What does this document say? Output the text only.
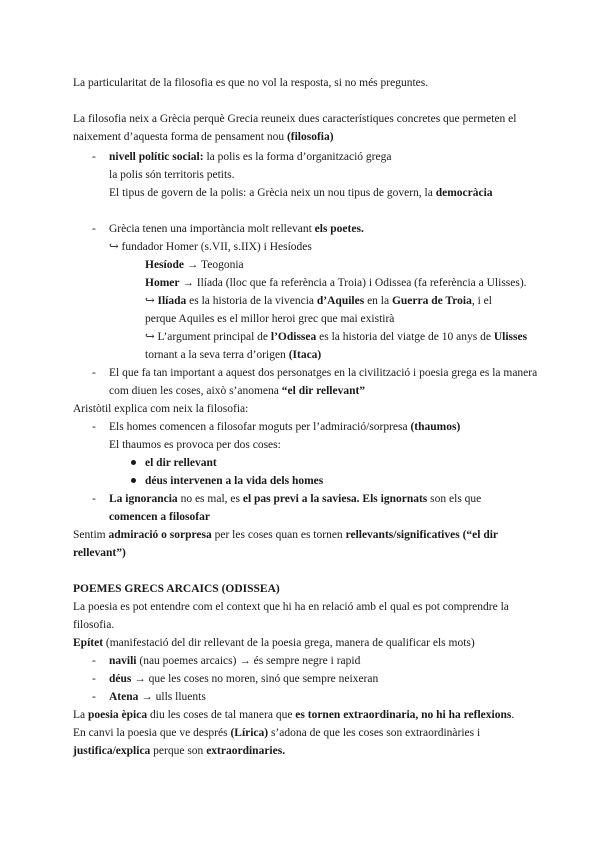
La particularitat de la filosofia es que no vol la resposta, si no més preguntes.
La filosofia neix a Grècia perquè Grecia reuneix dues característiques concretes que permeten el
naixement d’aquesta forma de pensament nou (filosofia)
- nivell polític social: la polis es la forma d’organització grega
la polis són territoris petits.
El tipus de govern de la polis: a Grècia neix un nou tipus de govern, la democràcia
- Grècia tenen una importància molt rellevant els poetes.
↪ fundador Homer (s.VII, s.IIX) i Hesíodes
Hesíode → Teogonia
Homer → Ilíada (lloc que fa referència a Troia) i Odissea (fa referència a Ulisses).
↪ Ilíada es la historia de la vivencia d’Aquiles en la Guerra de Troia, i el
perque Aquiles es el millor heroi grec que mai existirà
↪ L’argument principal de l’Odissea es la historia del viatge de 10 anys de Ulisses
tornant a la seva terra d’origen (Itaca)
- El que fa tan important a aquest dos personatges en la civilització i poesia grega es la manera
com diuen les coses, això s’anomena “el dir rellevant”
Aristòtil explica com neix la filosofia:
- Els homes comencen a filosofar moguts per l’admiració/sorpresa (thaumos)
El thaumos es provoca per dos coses:
el dir rellevant
déus intervenen a la vida dels homes
- La ignorancia no es mal, es el pas previ a la saviesa. Els ignornats son els que
comencen a filosofar
Sentim admiració o sorpresa per les coses quan es tornen rellevants/significatives (“el dir
rellevant”)
POEMES GRECS ARCAICS (ODISSEA)
La poesia es pot entendre com el context que hi ha en relació amb el qual es pot comprendre la
filosofia.
Epítet (manifestació del dir rellevant de la poesia grega, manera de qualificar els mots)
- navili (nau poemes arcaics) → és sempre negre i rapid
- déus → que les coses no moren, sinó que sempre neixeran
- Atena → ulls lluents
La poesia èpica diu les coses de tal manera que es tornen extraordinaria, no hi ha reflexions.
En canvi la poesia que ve després (Lírica) s’adona de que les coses son extraordinàries i
justifica/explica perque son extraordinaries.
